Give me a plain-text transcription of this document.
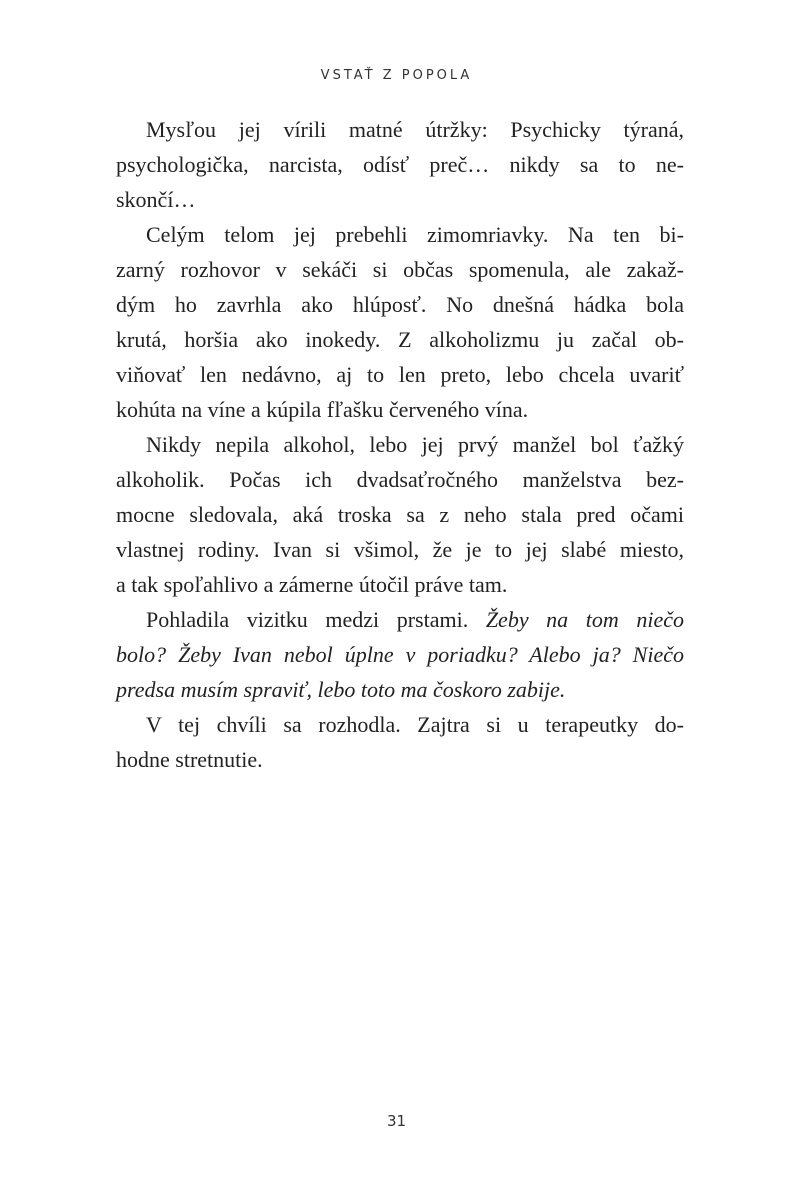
VSTAŤ Z POPOLA
Mysľou jej vírili matné útržky: Psychicky týraná,
psychologička, narcista, odísť preč… nikdy sa to ne-
skončí…
Celým telom jej prebehli zimomriavky. Na ten bi-
zarný rozhovor v sekáči si občas spomenula, ale zakaž-
dým ho zavrhla ako hlúposť. No dnešná hádka bola
krutá, horšia ako inokedy. Z alkoholizmu ju začal ob-
viňovať len nedávno, aj to len preto, lebo chcela uvariť
kohúta na víne a kúpila fľašku červeného vína.
Nikdy nepila alkohol, lebo jej prvý manžel bol ťažký
alkoholik. Počas ich dvadsaťročného manželstva bez-
mocne sledovala, aká troska sa z neho stala pred očami
vlastnej rodiny. Ivan si všimol, že je to jej slabé miesto,
a tak spoľahlivo a zámerne útočil práve tam.
Pohladila vizitku medzi prstami. Žeby na tom niečo
bolo? Žeby Ivan nebol úplne v poriadku? Alebo ja? Niečo
predsa musím spraviť, lebo toto ma čoskoro zabije.
V tej chvíli sa rozhodla. Zajtra si u terapeutky do-
hodne stretnutie.
31
